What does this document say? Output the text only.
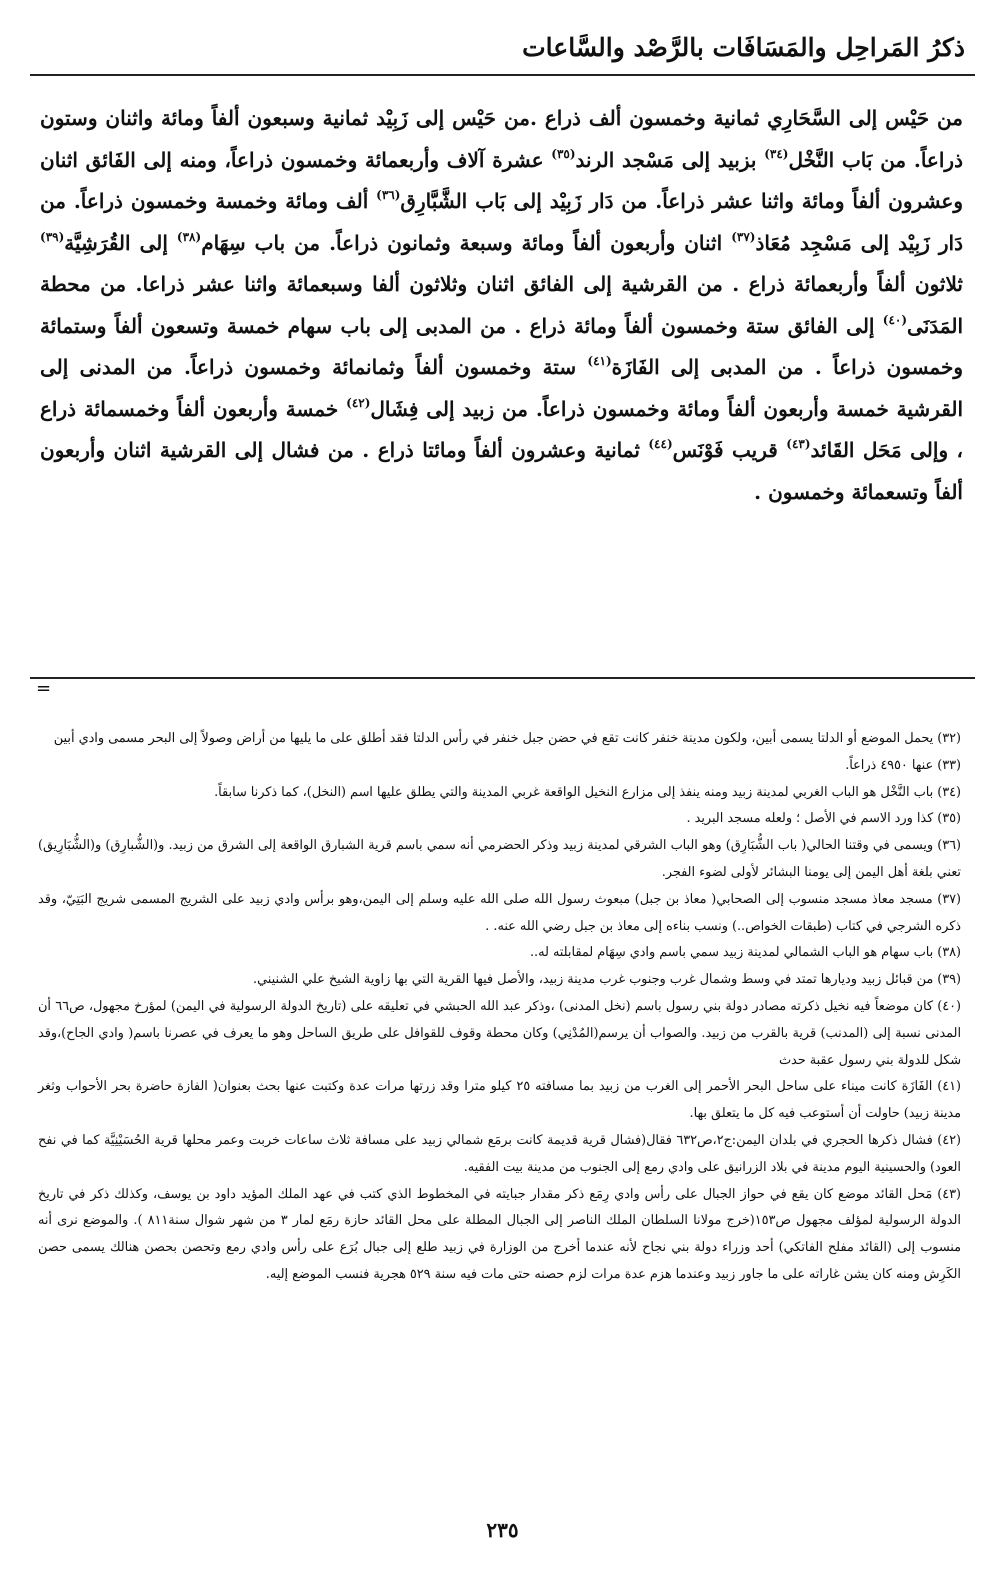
ذكرُ المَراحِل والمَسَافَات بالرَّصْد والسَّاعات
من حَيْس إلى السَّحَارِي ثمانية وخمسون ألف ذراع .من حَيْس إلى زَبِيْد ثمانية وسبعون ألفاً ومائة واثنان وستون ذراعاً. من بَاب النَّخْل$^{(٣٤)}$ بزبيد إلى مَسْجد الرند$^{(٣٥)}$ عشرة آلاف وأربعمائة وخمسون ذراعاً، ومنه إلى الفَائق اثنان وعشرون ألفاً ومائة واثنا عشر ذراعاً. من دَار زَبِيْد إلى بَاب الشَّبَّارِق$^{(٣٦)}$ ألف ومائة وخمسة وخمسون ذراعاً. من دَار زَبِيْد إلى مَسْجِد مُعَاذ$^{(٣٧)}$ اثنان وأربعون ألفاً ومائة وسبعة وثمانون ذراعاً. من باب سِهَام$^{(٣٨)}$ إلى القُرَشِيَّة$^{(٣٩)}$ ثلاثون ألفاً وأربعمائة ذراع . من القرشية إلى الفائق اثنان وثلاثون ألفا وسبعمائة واثنا عشر ذراعا. من محطة المَدَنَى$^{(٤٠)}$ إلى الفائق ستة وخمسون ألفاً ومائة ذراع . من المدبى إلى باب سهام خمسة وتسعون ألفاً وستمائة وخمسون ذراعاً . من المدبى إلى الفَازَة$^{(٤١)}$ ستة وخمسون ألفاً وثمانمائة وخمسون ذراعاً. من المدنى إلى القرشية خمسة وأربعون ألفاً ومائة وخمسون ذراعاً. من زبيد إلى فِشَال$^{(٤٢)}$ خمسة وأربعون ألفاً وخمسمائة ذراع ، وإلى مَحَل القَائد$^{(٤٣)}$ قريب فَوْنَس$^{(٤٤)}$ ثمانية وعشرون ألفاً ومائتا ذراع . من فشال إلى القرشية اثنان وأربعون ألفاً وتسعمائة وخمسون .
=

(٣٢) يحمل الموضع أو الدلتا يسمى أبين، ولكون مدينة خنفر كانت تقع في حضن جبل خنفر في رأس الدلتا فقد أطلق على ما يليها من أراض وصولاً إلى البحر مسمى وادي أبين

(٣٣) عنها ٤٩٥٠ ذراعاً.

(٣٤) باب النَّخْل هو الباب الغربي لمدينة زبيد ومنه ينفذ إلى مزارع النخيل الواقعة غربي المدينة والتي يطلق عليها اسم (النخل)، كما ذكرنا سابقاً.

(٣٥) كذا ورد الاسم في الأصل ؛ ولعله مسجد البريد .

(٣٦) ويسمى في وقتنا الحالي( باب الشُّبَارِق) وهو الباب الشرقي لمدينة زبيد وذكر الحضرمي أنه سمي باسم قرية الشبارق الواقعة إلى الشرق من زبيد. و(الشُّبارِق) و(الشُّبَارِيق) تعني بلغة أهل اليمن إلى يومنا البشائر لأولى لضوء الفجر.

(٣٧) مسجد معاذ مسجد منسوب إلى الصحابي( معاذ بن جبل) مبعوث رسول الله صلى الله عليه وسلم إلى اليمن،وهو برأس وادي زبيد على الشريج المسمى شريج البَتِيّ، وقد ذكره الشرجي في كتاب (طبقات الخواص..) ونسب بناءه إلى معاذ بن جبل رضي الله عنه. .

(٣٨) باب سهام هو الباب الشمالي لمدينة زبيد سمي باسم وادي سِهَام لمقابلته له..

(٣٩) من قبائل زبيد وديارها تمتد في وسط وشمال غرب وجنوب غرب مدينة زبيد، والأصل فيها القرية التي بها زاوية الشيخ علي الشنيني.

(٤٠) كان موضعاً فيه نخيل ذكرته مصادر دولة بني رسول باسم (نخل المدنى) ،وذكر عبد الله الحبشي في تعليقه على (تاريخ الدولة الرسولية في اليمن) لمؤرخ مجهول، ص٦٦ أن المدنى نسبة إلى (المدنب) قرية بالقرب من زبيد. والصواب أن يرسم(المُدْنِي) وكان محطة وقوف للقوافل على طريق الساحل وهو ما يعرف في عصرنا باسم( وادي الجاح)،وقد شكل للدولة بني رسول عقبة حدث

(٤١) الفَازَة كانت ميناء على ساحل البحر الأحمر إلى الغرب من زبيد بما مسافته ٢٥ كيلو مترا وقد زرتها مرات عدة وكتبت عنها بحث بعنوان( الفازة حاضرة بحر الأحواب وثغر مدينة زبيد) حاولت أن أستوعب فيه كل ما يتعلق بها.

(٤٢) فشال ذكرها الحجري في بلدان اليمن:ج٢،ص٦٣٢ فقال(فشال قرية قديمة كانت برمَع شمالي زبيد على مسافة ثلاث ساعات خربت وعمر محلها قرية الحُسَيْنِيَّة كما في نفح العود) والحسينية اليوم مدينة في بلاد الزرانيق على وادي رمع إلى الجنوب من مدينة بيت الفقيه.

(٤٣) مَحل القائد موضع كان يقع في حواز الجبال على رأس وادي رِمَع ذكر مقدار جبايته في المخطوط الذي كتب في عهد الملك المؤيد داود بن يوسف، وكذلك ذكر في تاريخ الدولة الرسولية لمؤلف مجهول ص١٥٣(خرج مولانا السلطان الملك الناصر إلى الجبال المطلة على محل القائد حازة رمَع لمار ٣ من شهر شوال سنة٨١١ ). والموضع نرى أنه منسوب إلى (القائد مفلح الفاتكي) أحد وزراء دولة بني نجاح لأنه عندما أخرج من الوزارة في زبيد طلع إلى جبال بُرَع على رأس وادي رمع وتحصن بحصن هنالك يسمى حصن الكَرِش ومنه كان يشن غاراته على ما جاور زبيد وعندما هزم عدة مرات لزم حصنه حتى مات فيه سنة ٥٢٩ هجرية فنسب الموضع إليه.

٢٣٥
